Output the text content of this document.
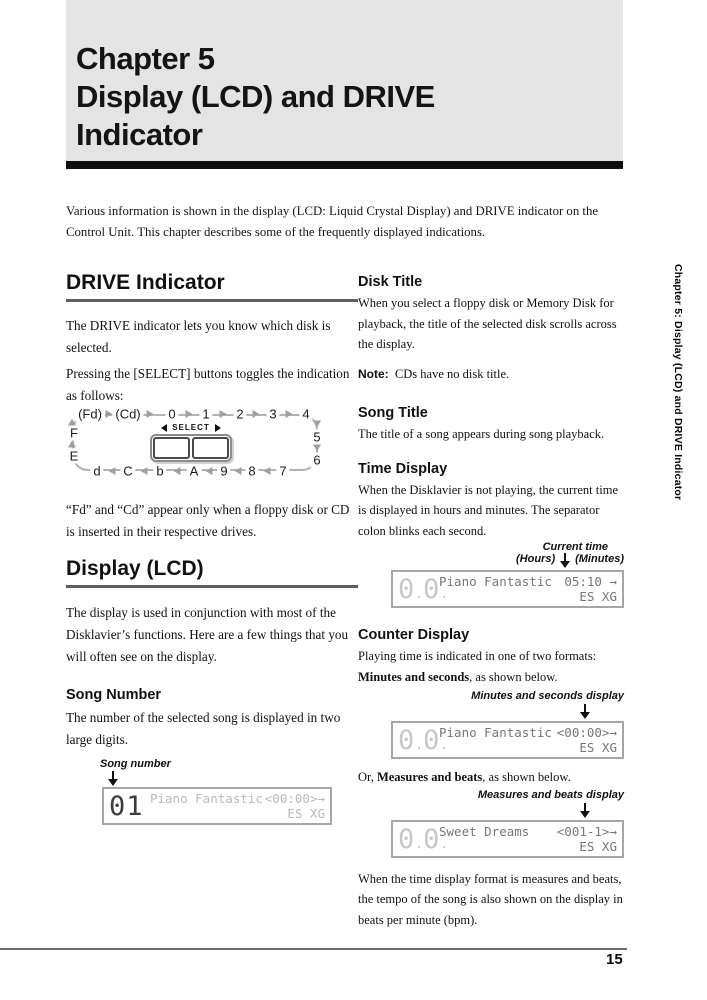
Chapter 5
Display (LCD) and DRIVE
Indicator

Various information is shown in the display (LCD: Liquid Crystal Display) and DRIVE indicator on the Control Unit. This chapter describes some of the frequently displayed indications.

DRIVE Indicator

The DRIVE indicator lets you know which disk is selected.

Pressing the [SELECT] buttons toggles the indication as follows:

(Fd) (Cd) 0 1 2 3 4
5
6
d C b A 9 8 7
F
E
SELECT

“Fd” and “Cd” appear only when a floppy disk or CD is inserted in their respective drives.

Display (LCD)

The display is used in conjunction with most of the Disklavier’s functions. Here are a few things that you will often see on the display.

Song Number

The number of the selected song is displayed in two large digits.

Song number
01 Piano Fantastic <00:00>→
ES XG
Disk Title

When you select a floppy disk or Memory Disk for playback, the title of the selected disk scrolls across the display.

Note: CDs have no disk title.

Song Title

The title of a song appears during song playback.

Time Display

When the Disklavier is not playing, the current time is displayed in hours and minutes. The separator colon blinks each second.

Current time
(Hours) (Minutes)
0.0.
Piano Fantastic 05:10 →
ES XG
Counter Display

Playing time is indicated in one of two formats: Minutes and seconds, as shown below.

Minutes and seconds display
0.0.
Piano Fantastic <00:00>→
ES XG

Or, Measures and beats, as shown below.

Measures and beats display
0.0.
Sweet Dreams <001-1>→
ES XG

When the time display format is measures and beats, the tempo of the song is also shown on the display in beats per minute (bpm).

Chapter 5: Display (LCD) and DRIVE Indicator
15
